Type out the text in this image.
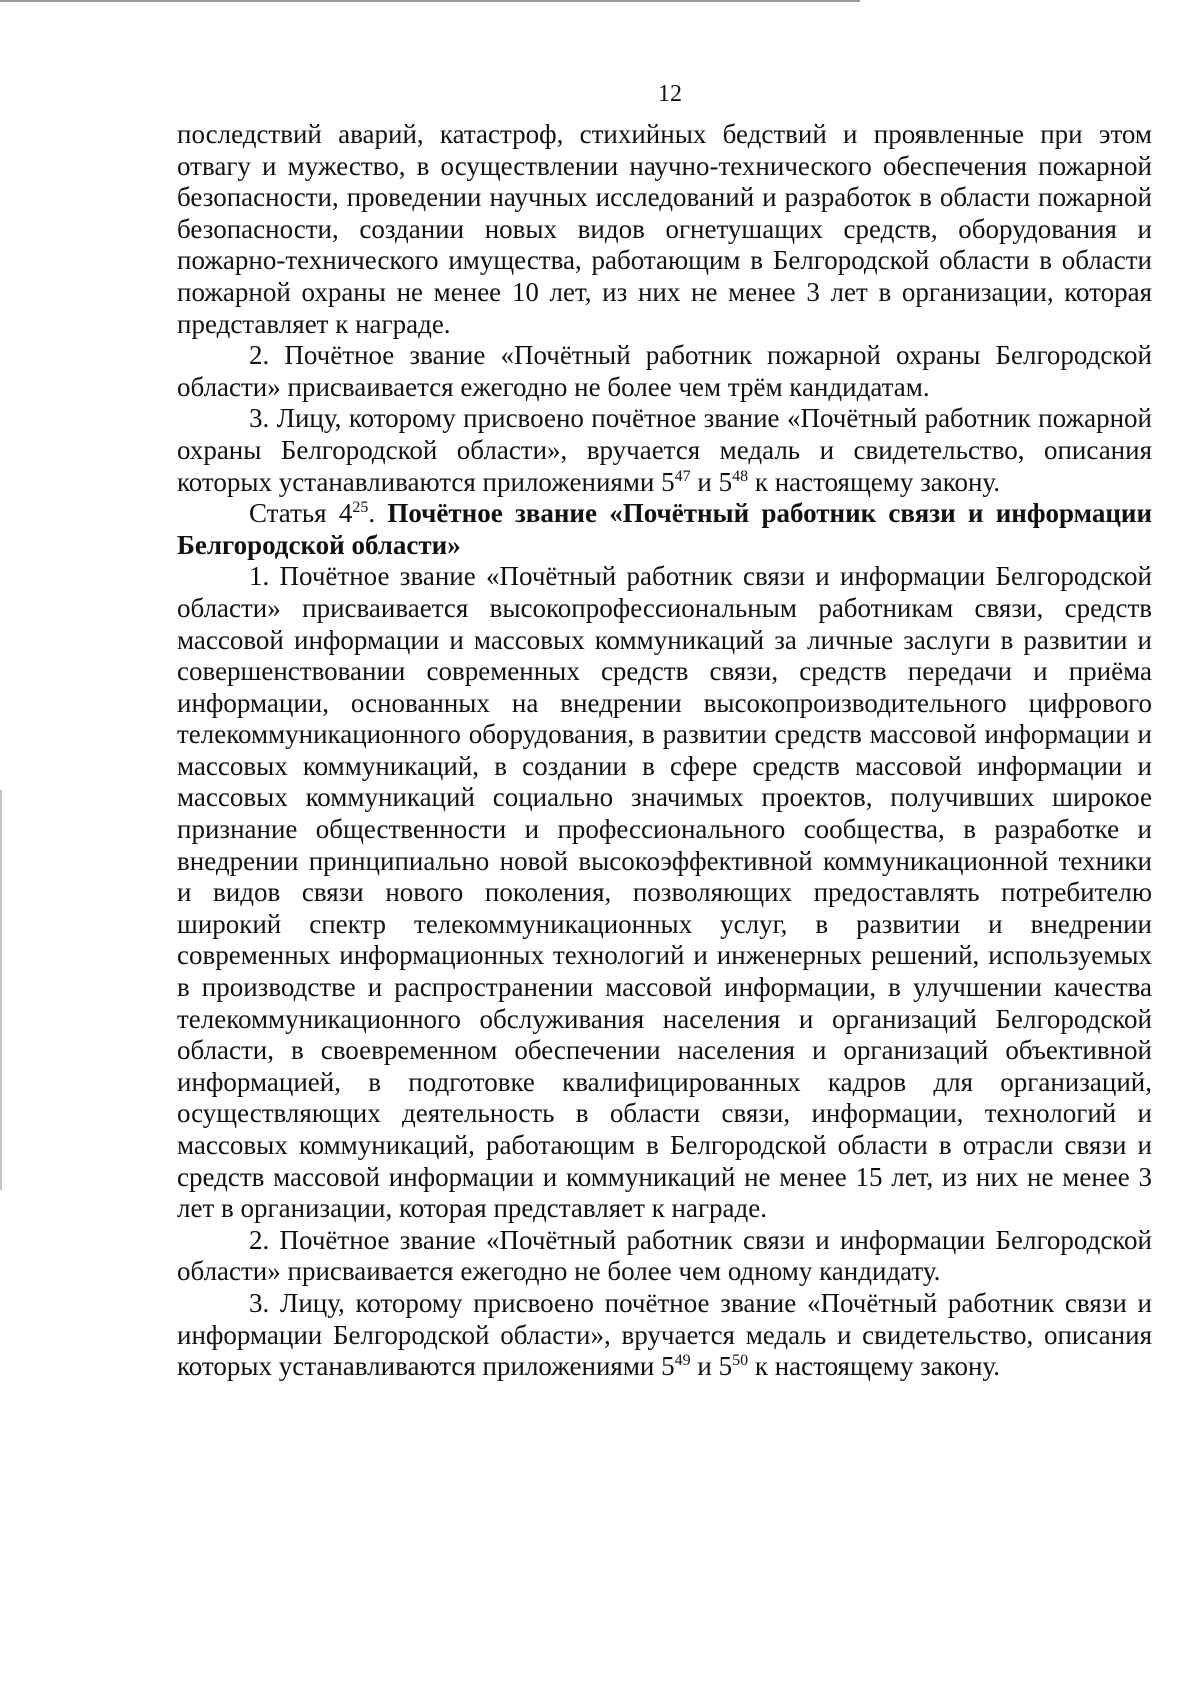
12

последствий аварий, катастроф, стихийных бедствий и проявленные при этом отвагу и мужество, в осуществлении научно-технического обеспечения пожарной безопасности, проведении научных исследований и разработок в области пожарной безопасности, создании новых видов огнетушащих средств, оборудования и пожарно-технического имущества, работающим в Белгородской области в области пожарной охраны не менее 10 лет, из них не менее 3 лет в организации, которая представляет к награде.

2. Почётное звание «Почётный работник пожарной охраны Белгородской области» присваивается ежегодно не более чем трём кандидатам.

3. Лицу, которому присвоено почётное звание «Почётный работник пожарной охраны Белгородской области», вручается медаль и свидетельство, описания которых устанавливаются приложениями $5^{47}$ и $5^{48}$ к настоящему закону.

Статья $4^{25}$. Почётное звание «Почётный работник связи и информации Белгородской области»

1. Почётное звание «Почётный работник связи и информации Белгородской области» присваивается высокопрофессиональным работникам связи, средств массовой информации и массовых коммуникаций за личные заслуги в развитии и совершенствовании современных средств связи, средств передачи и приёма информации, основанных на внедрении высокопроизводительного цифрового телекоммуникационного оборудования, в развитии средств массовой информации и массовых коммуникаций, в создании в сфере средств массовой информации и массовых коммуникаций социально значимых проектов, получивших широкое признание общественности и профессионального сообщества, в разработке и внедрении принципиально новой высокоэффективной коммуникационной техники и видов связи нового поколения, позволяющих предоставлять потребителю широкий спектр телекоммуникационных услуг, в развитии и внедрении современных информационных технологий и инженерных решений, используемых в производстве и распространении массовой информации, в улучшении качества телекоммуникационного обслуживания населения и организаций Белгородской области, в своевременном обеспечении населения и организаций объективной информацией, в подготовке квалифицированных кадров для организаций, осуществляющих деятельность в области связи, информации, технологий и массовых коммуникаций, работающим в Белгородской области в отрасли связи и средств массовой информации и коммуникаций не менее 15 лет, из них не менее 3 лет в организации, которая представляет к награде.

2. Почётное звание «Почётный работник связи и информации Белгородской области» присваивается ежегодно не более чем одному кандидату.

3. Лицу, которому присвоено почётное звание «Почётный работник связи и информации Белгородской области», вручается медаль и свидетельство, описания которых устанавливаются приложениями $5^{49}$ и $5^{50}$ к настоящему закону.
